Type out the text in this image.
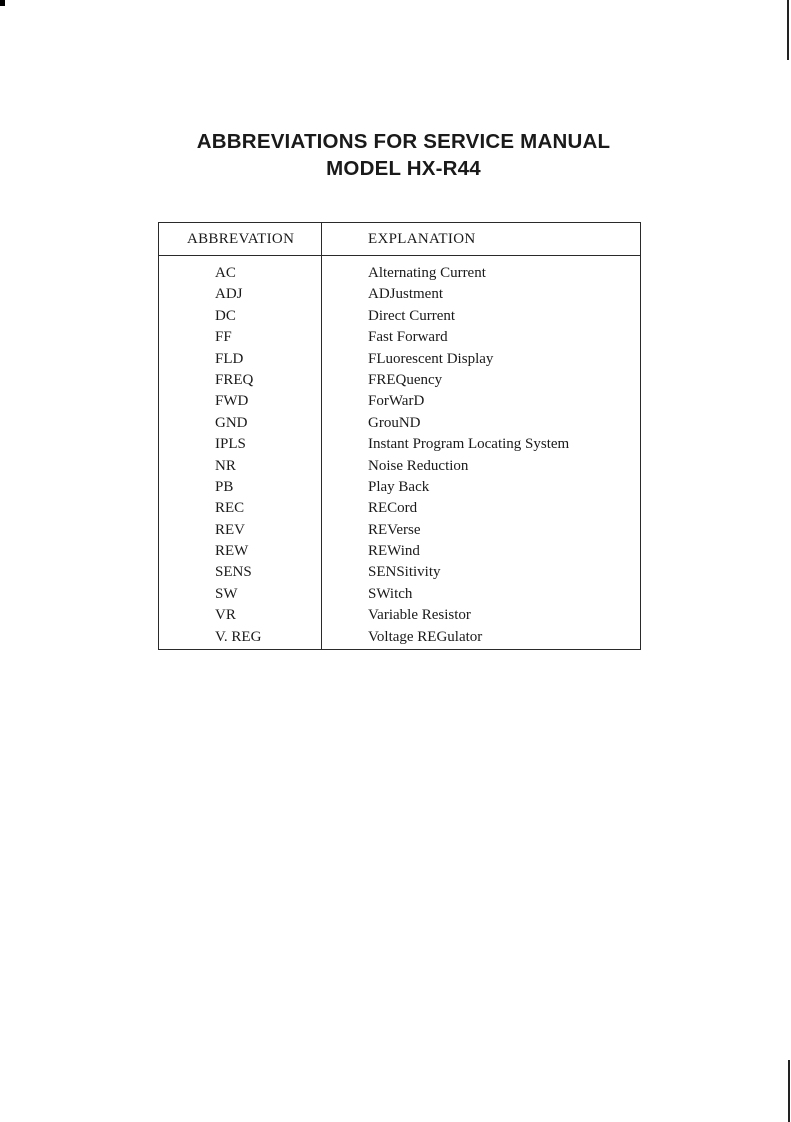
ABBREVIATIONS FOR SERVICE MANUAL
MODEL HX-R44
ABBREVATION	EXPLANATION
AC	Alternating Current
ADJ	ADJustment
DC	Direct Current
FF	Fast Forward
FLD	FLuorescent Display
FREQ	FREQuency
FWD	ForWarD
GND	GrouND
IPLS	Instant Program Locating System
NR	Noise Reduction
PB	Play Back
REC	RECord
REV	REVerse
REW	REWind
SENS	SENSitivity
SW	SWitch
VR	Variable Resistor
V. REG	Voltage REGulator
